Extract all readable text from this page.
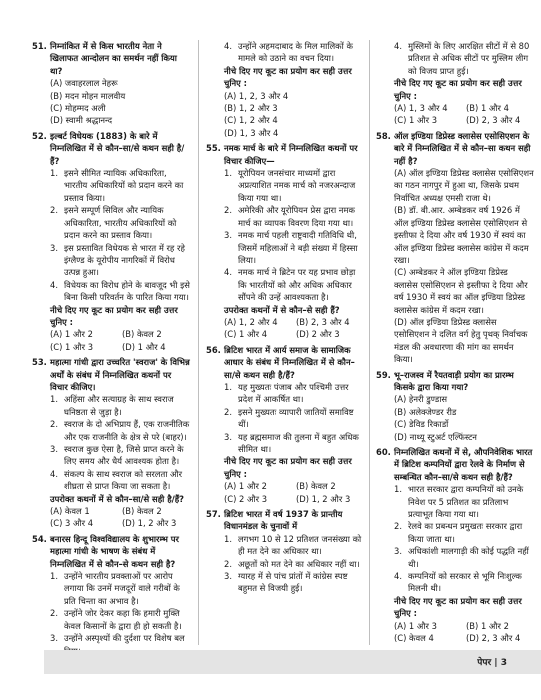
51. निम्नांकित में से किस भारतीय नेता ने खिलाफत आन्दोलन का समर्थन नहीं किया था?
(A) जवाहरलाल नेहरू
(B) मदन मोहन मालवीय
(C) मोहम्मद अली
(D) स्वामी श्रद्धानन्द
52. इल्बर्ट विधेयक (1883) के बारे में निम्नलिखित में से कौन–सा/से कथन सही है/हैं?
1. इसने सीमित न्यायिक अधिकारिता, भारतीय अधिकारियों को प्रदान करने का प्रस्ताव किया।
2. इसने सम्पूर्ण सिविल और न्यायिक अधिकारिता, भारतीय अधिकारियों को प्रदान करने का प्रस्ताव किया।
3. इस प्रस्तावित विधेयक से भारत में रह रहे इंग्लैण्ड के यूरोपीय नागरिकों में विरोध उत्पन्न हुआ।
4. विधेयक का विरोध होने के बावजूद भी इसे बिना किसी परिवर्तन के पारित किया गया।
नीचे दिए गए कूट का प्रयोग कर सही उत्तर चुनिए :
(A) 1 और 2	(B) केवल 2
(C) 1 और 3	(D) 1 और 4
53. महात्मा गांधी द्वारा उच्चरित 'स्वराज' के विभिन्न अर्थों के संबंध में निम्नलिखित कथनों पर विचार कीजिए।
1. अहिंसा और सत्याग्रह के साथ स्वराज घनिष्ठता से जुड़ा है।
2. स्वराज के दो अभिप्राय हैं, एक राजनीतिक और एक राजनीति के क्षेत्र से परे (बाहर)।
3. स्वराज कुछ ऐसा है, जिसे प्राप्त करने के लिए समय और धैर्य आवश्यक होता है।
4. संकल्प के साथ स्वराज को सरलता और शीघ्रता से प्राप्त किया जा सकता है।
उपरोक्त कथनों में से कौन–सा/से सही है/हैं?
(A) केवल 1	(B) केवल 2
(C) 3 और 4	(D) 1, 2 और 3
54. बनारस हिन्दू विश्वविद्यालय के शुभारम्भ पर महात्मा गांधी के भाषण के संबंध में निम्नलिखित में से कौन–से कथन सही है?
1. उन्होंने भारतीय प्रवक्ताओं पर आरोप लगाया कि उनमें मजदूरों वाले गरीबों के प्रति चिन्ता का अभाव है।
2. उन्होंने जोर देकर कहा कि हमारी मुक्ति केवल किसानों के द्वारा ही हो सकती है।
3. उन्होंने अस्पृश्यों की दुर्दशा पर विशेष बल
4. उन्होंने अहमदाबाद के मिल मालिकों के मामले को उठाने का वचन दिया।
नीचे दिए गए कूट का प्रयोग कर सही उत्तर चुनिए :
(A) 1, 2, 3 और 4
(B) 1, 2 और 3
(C) 1, 2 और 4
(D) 1, 3 और 4
55. नमक मार्च के बारे में निम्नलिखित कथनों पर विचार कीजिए—
1. यूरोपियन जनसंचार माध्यमों द्वारा अप्रत्याशित नमक मार्च को नजरअन्दाज किया गया था।
2. अमेरिकी और यूरोपियन प्रेस द्वारा नमक मार्च का व्यापक विवरण दिया गया था।
3. नमक मार्च पहली राष्ट्रवादी गतिविधि थी, जिसमें महिलाओं ने बड़ी संख्या में हिस्सा लिया।
4. नमक मार्च ने ब्रिटेन पर यह प्रभाव छोड़ा कि भारतीयों को और अधिक अधिकार सौंपने की उन्हें आवश्यकता है।
उपरोक्त कथनों में से कौन–से सही हैं?
(A) 1, 2 और 4	(B) 2, 3 और 4
(C) 1 और 4	(D) 2 और 3
56. ब्रिटिश भारत में आर्य समाज के सामाजिक आधार के संबंध में निम्नलिखित में से कौन–सा/से कथन सही है/हैं?
1. यह मुख्यतः पंजाब और पश्चिमी उत्तर प्रदेश में आकर्षित था।
2. इसने मुख्यतः व्यापारी जातियों समाविष्ट थीं।
3. यह ब्रह्मसमाज की तुलना में बहुत अधिक सीमित था।
नीचे दिए गए कूट का प्रयोग कर सही उत्तर चुनिए :
(A) 1 और 2	(B) केवल 2
(C) 2 और 3	(D) 1, 2 और 3
57. ब्रिटिश भारत में वर्ष 1937 के प्रान्तीय विधानमंडल के चुनावों में
1. लगभग 10 से 12 प्रतिशत जनसंख्या को ही मत देने का अधिकार था।
2. अछूतों को मत देने का अधिकार नहीं था।
3. ग्यारह में से पांच प्रांतों में कांग्रेस स्पष्ट बहुमत से विजयी हुई।
4. मुस्लिमों के लिए आरक्षित सीटों में से 80 प्रतिशत से अधिक सीटों पर मुस्लिम लीग को विजय प्राप्त हुई।
नीचे दिए गए कूट का प्रयोग कर सही उत्तर चुनिए :
(A) 1, 3 और 4	(B) 1 और 4
(C) 1 और 3	(D) 2, 3 और 4
58. ऑल इण्डिया डिप्रेस्ड क्लासेस एसोसिएशन के बारे में निम्नलिखित में से कौन–सा कथन सही नहीं है?
(A) ऑल इण्डिया डिप्रेस्ड क्लासेस एसोसिएशन का गठन नागपुर में हुआ था, जिसके प्रथम निर्वाचित अध्यक्ष एमसी राजा थे।
(B) डॉ. बी.आर. अम्बेडकर वर्ष 1926 में ऑल इण्डिया डिप्रेस्ड क्लासेस एसोसिएशन से इस्तीफा दे दिया और वर्ष 1930 में स्वयं का ऑल इण्डिया डिप्रेस्ड क्लासेस कांग्रेस में कदम रखा।
(C) अम्बेडकर ने ऑल इण्डिया डिप्रेस्ड क्लासेस एसोसिएशन से इस्तीफा दे दिया और वर्ष 1930 में स्वयं का ऑल इण्डिया डिप्रेस्ड क्लासेस कांग्रेस में कदम रखा।
(D) ऑल इण्डिया डिप्रेस्ड क्लासेस एसोसिएशन ने दलित वर्ग हेतु पृथक् निर्वाचक मंडल की अवधारणा की मांग का समर्थन किया।
59. भू–राजस्व में रैयतवाड़ी प्रयोग का प्रारम्भ किसके द्वारा किया गया?
(A) हेनरी डुण्डास
(B) अलेक्जेण्डर रीड
(C) डेविड रिकार्डो
(D) नाथ्यू स्टुअर्ट एल्फिंस्टन
60. निम्नलिखित कथनों में से, औपनिवेशिक भारत में ब्रिटिश कम्पनियों द्वारा रेलवे के निर्माण से सम्बन्धित कौन–सा/से कथन सही है/हैं?
1. भारत सरकार द्वारा कम्पनियों को उनके निवेश पर 5 प्रतिशत का प्रतिलाभ प्रत्याभूत किया गया था।
2. रेलवे का प्रबन्धन प्रमुखतः सरकार द्वारा किया जाता था।
3. अधिकांशी मालगाड़ी की कोई पद्धति नहीं थी।
4. कम्पनियों को सरकार से भूमि निःशुल्क मिलनी थी।
नीचे दिए गए कूट का प्रयोग कर सही उत्तर चुनिए :
(A) 1 और 3	(B) 1 और 2
(C) केवल 4	(D) 2, 3 और 4
पेपर | 3
